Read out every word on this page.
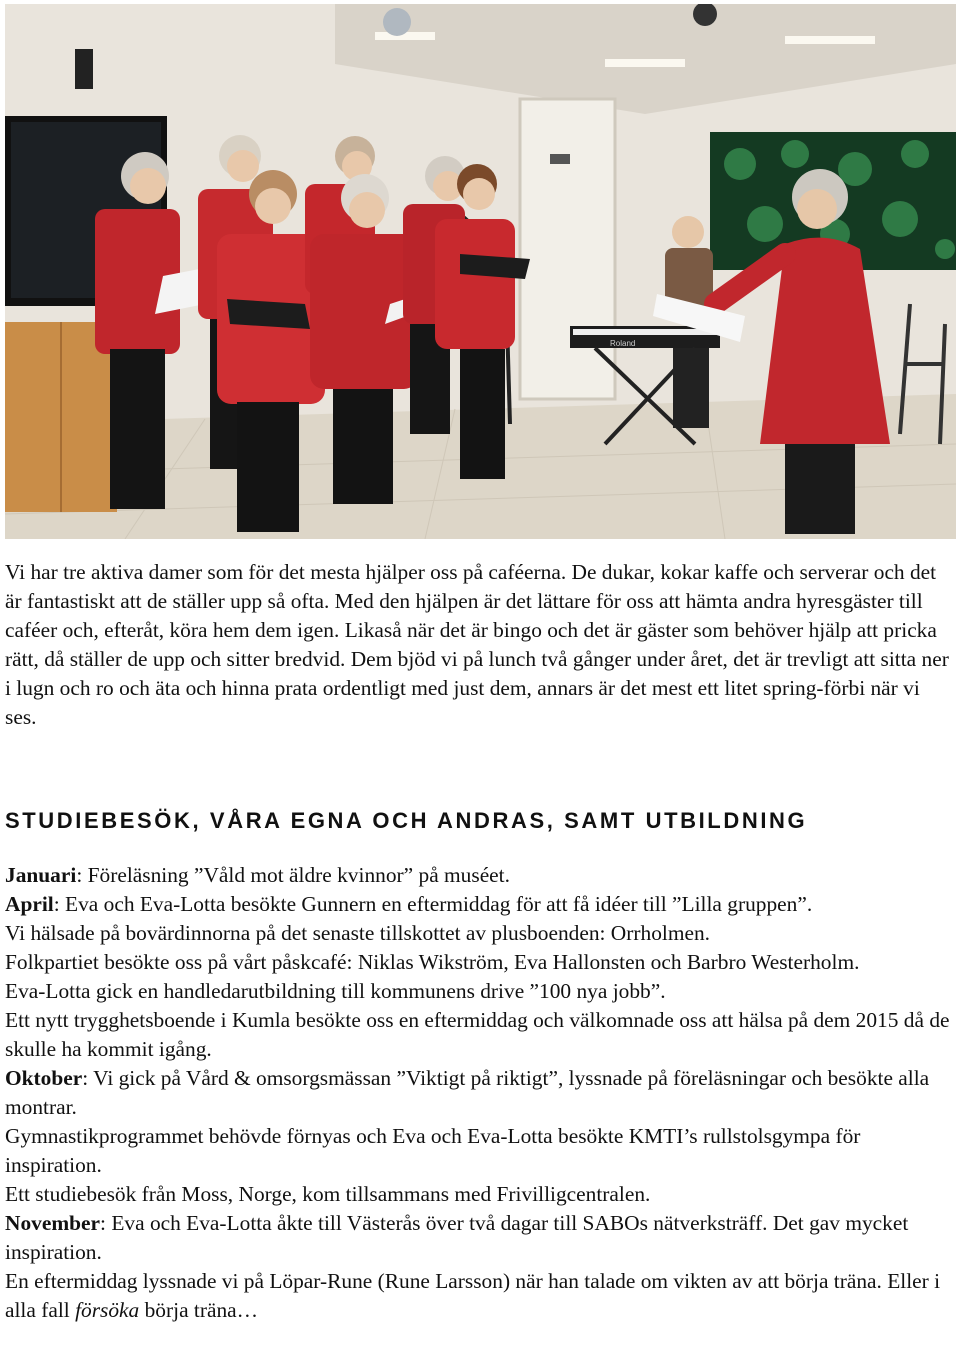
Roland

Vi har tre aktiva damer som för det mesta hjälper oss på caféerna. De dukar, kokar kaffe och serverar och det är fantastiskt att de ställer upp så ofta. Med den hjälpen är det lättare för oss att hämta andra hyresgäster till caféer och, efteråt, köra hem dem igen. Likaså när det är bingo och det är gäster som behöver hjälp att pricka rätt, då ställer de upp och sitter bredvid. Dem bjöd vi på lunch två gånger under året, det är trevligt att sitta ner i lugn och ro och äta och hinna prata ordentligt med just dem, annars är det mest ett litet spring-förbi när vi ses.

STUDIEBESÖK, VÅRA EGNA OCH ANDRAS, SAMT UTBILDNING

Januari: Föreläsning ”Våld mot äldre kvinnor” på muséet.

April: Eva och Eva-Lotta besökte Gunnern en eftermiddag för att få idéer till ”Lilla gruppen”.

Vi hälsade på bovärdinnorna på det senaste tillskottet av plusboenden: Orrholmen.

Folkpartiet besökte oss på vårt påskcafé: Niklas Wikström, Eva Hallonsten och Barbro Westerholm.

Eva-Lotta gick en handledarutbildning till kommunens drive ”100 nya jobb”.

Ett nytt trygghetsboende i Kumla besökte oss en eftermiddag och välkomnade oss att hälsa på dem 2015 då de skulle ha kommit igång.

Oktober: Vi gick på Vård & omsorgsmässan ”Viktigt på riktigt”, lyssnade på föreläsningar och besökte alla montrar.

Gymnastikprogrammet behövde förnyas och Eva och Eva-Lotta besökte KMTI’s rullstolsgympa för inspiration.

Ett studiebesök från Moss, Norge, kom tillsammans med Frivilligcentralen.

November: Eva och Eva-Lotta åkte till Västerås över två dagar till SABOs nätverksträff. Det gav mycket inspiration.

En eftermiddag lyssnade vi på Löpar-Rune (Rune Larsson) när han talade om vikten av att börja träna. Eller i alla fall försöka börja träna…
